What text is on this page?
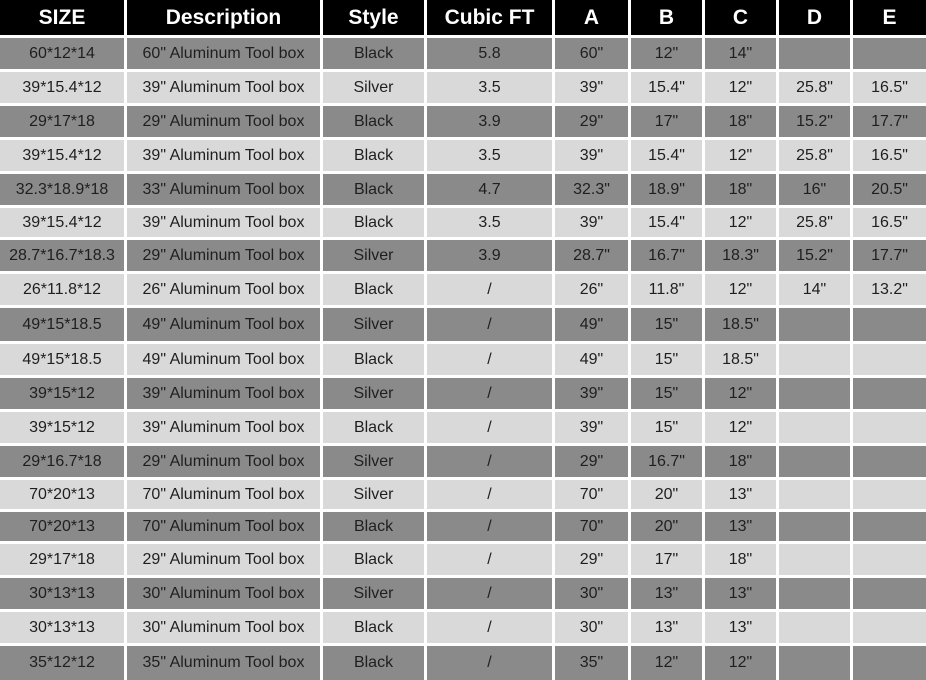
SIZE	Description	Style	Cubic FT	A	B	C	D	E
60*12*14	60" Aluminum Tool box	Black	5.8	60"	12"	14"
39*15.4*12	39" Aluminum Tool box	Silver	3.5	39"	15.4"	12"	25.8"	16.5"
29*17*18	29" Aluminum Tool box	Black	3.9	29"	17"	18"	15.2"	17.7"
39*15.4*12	39" Aluminum Tool box	Black	3.5	39"	15.4"	12"	25.8"	16.5"
32.3*18.9*18	33" Aluminum Tool box	Black	4.7	32.3"	18.9"	18"	16"	20.5"
39*15.4*12	39" Aluminum Tool box	Black	3.5	39"	15.4"	12"	25.8"	16.5"
28.7*16.7*18.3	29" Aluminum Tool box	Silver	3.9	28.7"	16.7"	18.3"	15.2"	17.7"
26*11.8*12	26" Aluminum Tool box	Black	/	26"	11.8"	12"	14"	13.2"
49*15*18.5	49" Aluminum Tool box	Silver	/	49"	15"	18.5"
49*15*18.5	49" Aluminum Tool box	Black	/	49"	15"	18.5"
39*15*12	39" Aluminum Tool box	Silver	/	39"	15"	12"
39*15*12	39" Aluminum Tool box	Black	/	39"	15"	12"
29*16.7*18	29" Aluminum Tool box	Silver	/	29"	16.7"	18"
70*20*13	70" Aluminum Tool box	Silver	/	70"	20"	13"
70*20*13	70" Aluminum Tool box	Black	/	70"	20"	13"
29*17*18	29" Aluminum Tool box	Black	/	29"	17"	18"
30*13*13	30" Aluminum Tool box	Silver	/	30"	13"	13"
30*13*13	30" Aluminum Tool box	Black	/	30"	13"	13"
35*12*12	35" Aluminum Tool box	Black	/	35"	12"	12"
